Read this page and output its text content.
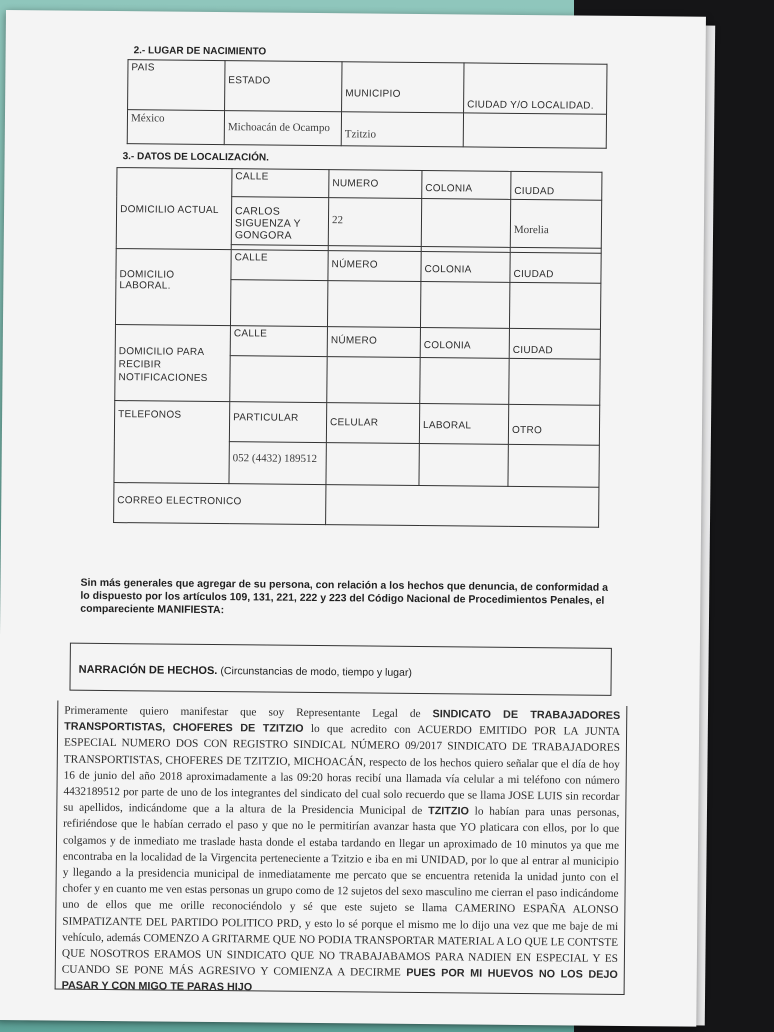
2.- LUGAR DE NACIMIENTO
PAIS	ESTADO	MUNICIPIO	CIUDAD Y/O LOCALIDAD.
México	Michoacán de Ocampo	Tzitzio	
3.- DATOS DE LOCALIZACIÓN.
DOMICILIO ACTUAL	CALLE	NUMERO	COLONIA	CIUDAD
	CARLOS SIGUENZA Y GONGORA	22		Morelia

DOMICILIO LABORAL.	CALLE	NÚMERO	COLONIA	CIUDAD

DOMICILIO PARA RECIBIR NOTIFICACIONES	CALLE	NÚMERO	COLONIA	CIUDAD

TELEFONOS	PARTICULAR	CELULAR	LABORAL	OTRO
	052 (4432) 189512			
CORREO ELECTRONICO				
Sin más generales que agregar de su persona, con relación a los hechos que denuncia, de conformidad a lo dispuesto por los artículos 109, 131, 221, 222 y 223 del Código Nacional de Procedimientos Penales, el compareciente MANIFIESTA:
NARRACIÓN DE HECHOS. (Circunstancias de modo, tiempo y lugar)

Primeramente quiero manifestar que soy Representante Legal de SINDICATO DE TRABAJADORES TRANSPORTISTAS, CHOFERES DE TZITZIO lo que acredito con ACUERDO EMITIDO POR LA JUNTA ESPECIAL NUMERO DOS CON REGISTRO SINDICAL NÚMERO 09/2017 SINDICATO DE TRABAJADORES TRANSPORTISTAS, CHOFERES DE TZITZIO, MICHOACÁN, respecto de los hechos quiero señalar que el día de hoy 16 de junio del año 2018 aproximadamente a las 09:20 horas recibí una llamada vía celular a mi teléfono con número 4432189512 por parte de uno de los integrantes del sindicato del cual solo recuerdo que se llama JOSE LUIS sin recordar su apellidos, indicándome que a la altura de la Presidencia Municipal de TZITZIO lo habían para unas personas, refiriéndose que le habían cerrado el paso y que no le permitirían avanzar hasta que YO platicara con ellos, por lo que colgamos y de inmediato me traslade hasta donde el estaba tardando en llegar un aproximado de 10 minutos ya que me encontraba en la localidad de la Virgencita perteneciente a Tzitzio e iba en mi UNIDAD, por lo que al entrar al municipio y llegando a la presidencia municipal de inmediatamente me percato que se encuentra retenida la unidad junto con el chofer y en cuanto me ven estas personas un grupo como de 12 sujetos del sexo masculino me cierran el paso indicándome uno de ellos que me orille reconociéndolo y sé que este sujeto se llama CAMERINO ESPAÑA ALONSO SIMPATIZANTE DEL PARTIDO POLITICO PRD, y esto lo sé porque el mismo me lo dijo una vez que me baje de mi vehículo, además COMENZO A GRITARME QUE NO PODIA TRANSPORTAR MATERIAL A LO QUE LE CONTSTE QUE NOSOTROS ERAMOS UN SINDICATO QUE NO TRABAJABAMOS PARA NADIEN EN ESPECIAL Y ES CUANDO SE PONE MÁS AGRESIVO Y COMIENZA A DECIRME PUES POR MI HUEVOS NO LOS DEJO PASAR Y CON MIGO TE PARAS HIJO
